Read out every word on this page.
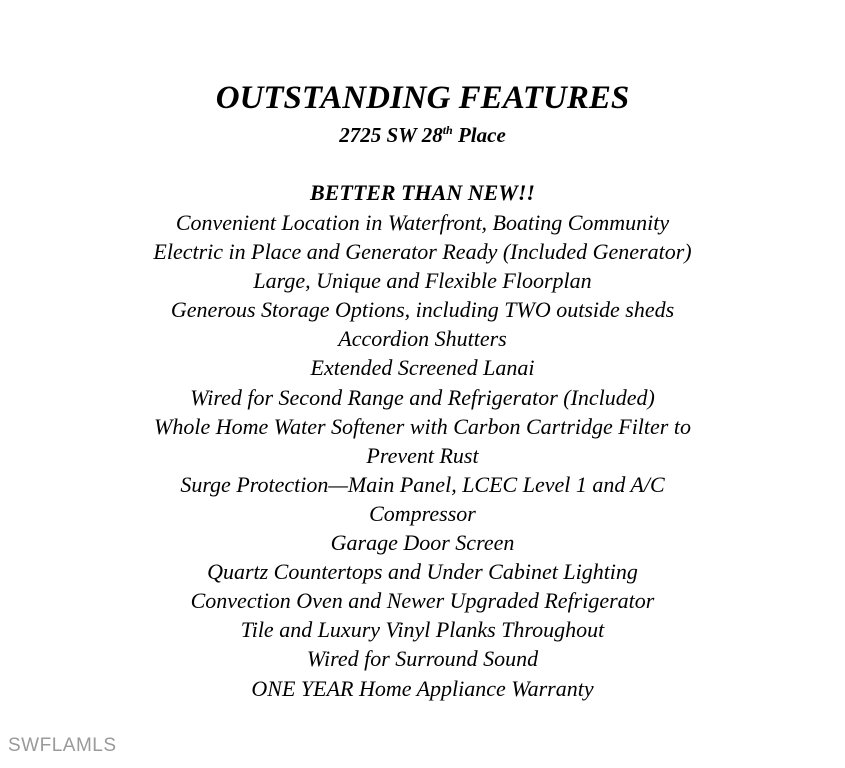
OUTSTANDING FEATURES

2725 SW 28th Place

BETTER THAN NEW!!

Convenient Location in Waterfront, Boating Community
Electric in Place and Generator Ready (Included Generator)
Large, Unique and Flexible Floorplan
Generous Storage Options, including TWO outside sheds
Accordion Shutters
Extended Screened Lanai
Wired for Second Range and Refrigerator (Included)
Whole Home Water Softener with Carbon Cartridge Filter to
Prevent Rust
Surge Protection—Main Panel, LCEC Level 1 and A/C
Compressor
Garage Door Screen
Quartz Countertops and Under Cabinet Lighting
Convection Oven and Newer Upgraded Refrigerator
Tile and Luxury Vinyl Planks Throughout
Wired for Surround Sound
ONE YEAR Home Appliance Warranty
SWFLAMLS
